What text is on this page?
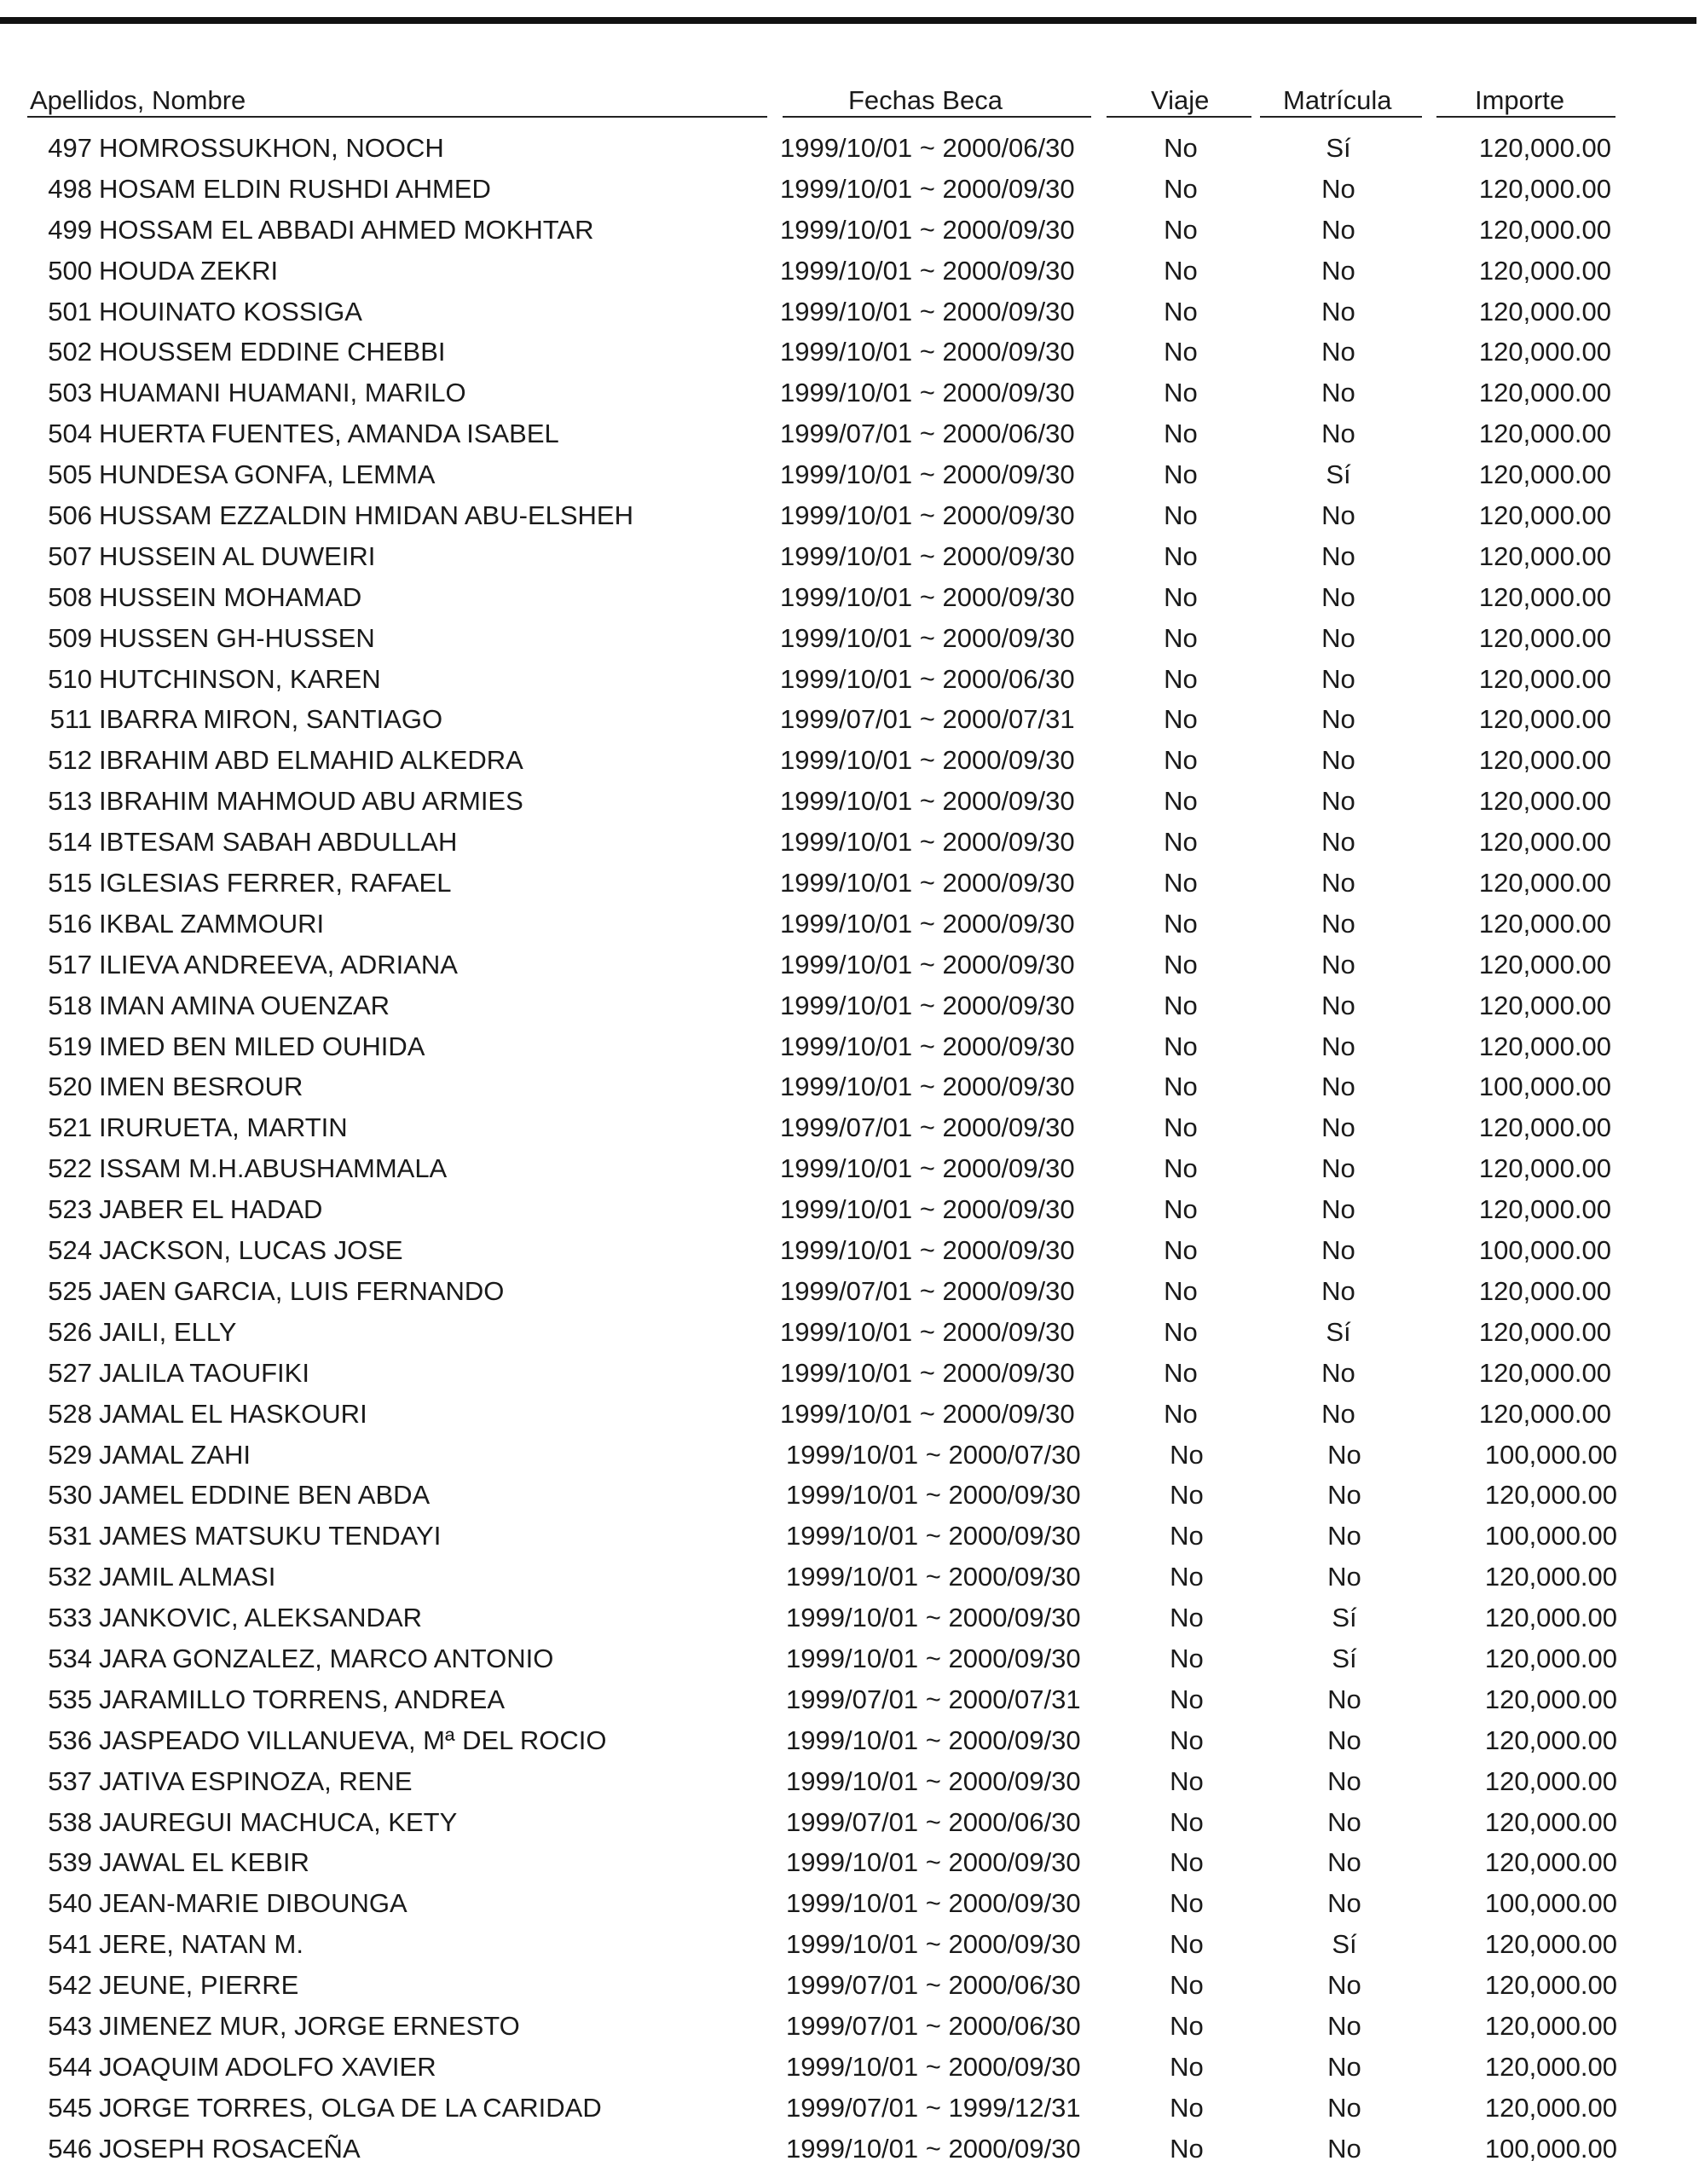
Apellidos, Nombre	Fechas Beca	Viaje	Matrícula	Importe
497 HOMROSSUKHON, NOOCH	1999/10/01 ~ 2000/06/30	No	Sí	120,000.00
498 HOSAM ELDIN RUSHDI AHMED	1999/10/01 ~ 2000/09/30	No	No	120,000.00
499 HOSSAM EL ABBADI AHMED MOKHTAR	1999/10/01 ~ 2000/09/30	No	No	120,000.00
500 HOUDA ZEKRI	1999/10/01 ~ 2000/09/30	No	No	120,000.00
501 HOUINATO KOSSIGA	1999/10/01 ~ 2000/09/30	No	No	120,000.00
502 HOUSSEM EDDINE CHEBBI	1999/10/01 ~ 2000/09/30	No	No	120,000.00
503 HUAMANI HUAMANI, MARILO	1999/10/01 ~ 2000/09/30	No	No	120,000.00
504 HUERTA FUENTES, AMANDA ISABEL	1999/07/01 ~ 2000/06/30	No	No	120,000.00
505 HUNDESA GONFA, LEMMA	1999/10/01 ~ 2000/09/30	No	Sí	120,000.00
506 HUSSAM EZZALDIN HMIDAN ABU-ELSHEH	1999/10/01 ~ 2000/09/30	No	No	120,000.00
507 HUSSEIN AL DUWEIRI	1999/10/01 ~ 2000/09/30	No	No	120,000.00
508 HUSSEIN MOHAMAD	1999/10/01 ~ 2000/09/30	No	No	120,000.00
509 HUSSEN GH-HUSSEN	1999/10/01 ~ 2000/09/30	No	No	120,000.00
510 HUTCHINSON, KAREN	1999/10/01 ~ 2000/06/30	No	No	120,000.00
511 IBARRA MIRON, SANTIAGO	1999/07/01 ~ 2000/07/31	No	No	120,000.00
512 IBRAHIM ABD ELMAHID ALKEDRA	1999/10/01 ~ 2000/09/30	No	No	120,000.00
513 IBRAHIM MAHMOUD ABU ARMIES	1999/10/01 ~ 2000/09/30	No	No	120,000.00
514 IBTESAM SABAH ABDULLAH	1999/10/01 ~ 2000/09/30	No	No	120,000.00
515 IGLESIAS FERRER, RAFAEL	1999/10/01 ~ 2000/09/30	No	No	120,000.00
516 IKBAL ZAMMOURI	1999/10/01 ~ 2000/09/30	No	No	120,000.00
517 ILIEVA ANDREEVA, ADRIANA	1999/10/01 ~ 2000/09/30	No	No	120,000.00
518 IMAN AMINA OUENZAR	1999/10/01 ~ 2000/09/30	No	No	120,000.00
519 IMED BEN MILED OUHIDA	1999/10/01 ~ 2000/09/30	No	No	120,000.00
520 IMEN BESROUR	1999/10/01 ~ 2000/09/30	No	No	100,000.00
521 IRURUETA, MARTIN	1999/07/01 ~ 2000/09/30	No	No	120,000.00
522 ISSAM M.H.ABUSHAMMALA	1999/10/01 ~ 2000/09/30	No	No	120,000.00
523 JABER EL HADAD	1999/10/01 ~ 2000/09/30	No	No	120,000.00
524 JACKSON, LUCAS JOSE	1999/10/01 ~ 2000/09/30	No	No	100,000.00
525 JAEN GARCIA, LUIS FERNANDO	1999/07/01 ~ 2000/09/30	No	No	120,000.00
526 JAILI, ELLY	1999/10/01 ~ 2000/09/30	No	Sí	120,000.00
527 JALILA TAOUFIKI	1999/10/01 ~ 2000/09/30	No	No	120,000.00
528 JAMAL EL HASKOURI	1999/10/01 ~ 2000/09/30	No	No	120,000.00
529 JAMAL ZAHI	1999/10/01 ~ 2000/07/30	No	No	100,000.00
530 JAMEL EDDINE BEN ABDA	1999/10/01 ~ 2000/09/30	No	No	120,000.00
531 JAMES MATSUKU TENDAYI	1999/10/01 ~ 2000/09/30	No	No	100,000.00
532 JAMIL ALMASI	1999/10/01 ~ 2000/09/30	No	No	120,000.00
533 JANKOVIC, ALEKSANDAR	1999/10/01 ~ 2000/09/30	No	Sí	120,000.00
534 JARA GONZALEZ, MARCO ANTONIO	1999/10/01 ~ 2000/09/30	No	Sí	120,000.00
535 JARAMILLO TORRENS, ANDREA	1999/07/01 ~ 2000/07/31	No	No	120,000.00
536 JASPEADO VILLANUEVA, Mª DEL ROCIO	1999/10/01 ~ 2000/09/30	No	No	120,000.00
537 JATIVA ESPINOZA, RENE	1999/10/01 ~ 2000/09/30	No	No	120,000.00
538 JAUREGUI MACHUCA, KETY	1999/07/01 ~ 2000/06/30	No	No	120,000.00
539 JAWAL EL KEBIR	1999/10/01 ~ 2000/09/30	No	No	120,000.00
540 JEAN-MARIE DIBOUNGA	1999/10/01 ~ 2000/09/30	No	No	100,000.00
541 JERE, NATAN M.	1999/10/01 ~ 2000/09/30	No	Sí	120,000.00
542 JEUNE, PIERRE	1999/07/01 ~ 2000/06/30	No	No	120,000.00
543 JIMENEZ MUR, JORGE ERNESTO	1999/07/01 ~ 2000/06/30	No	No	120,000.00
544 JOAQUIM ADOLFO XAVIER	1999/10/01 ~ 2000/09/30	No	No	120,000.00
545 JORGE TORRES, OLGA DE LA CARIDAD	1999/07/01 ~ 1999/12/31	No	No	120,000.00
546 JOSEPH ROSACEÑA	1999/10/01 ~ 2000/09/30	No	No	100,000.00
